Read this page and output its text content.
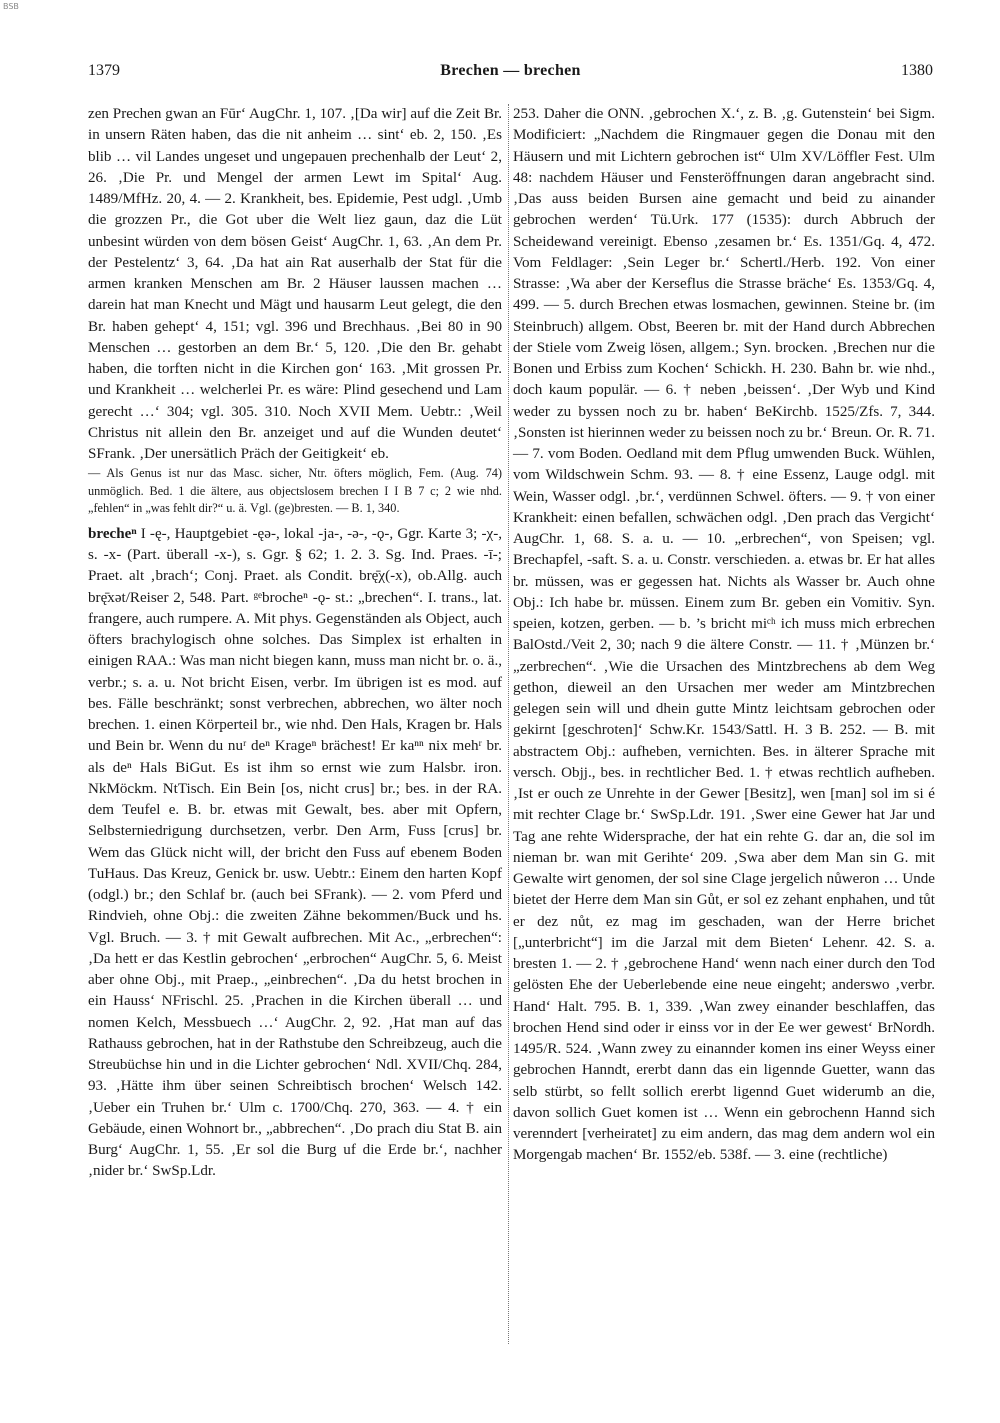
BSB
1379	Brechen — brechen	1380

zen Prechen gwan an Fūr‘ AugChr. 1, 107. ‚[Da wir] auf die Zeit Br. in unsern Räten haben, das die nit anheim … sint‘ eb. 2, 150. ‚Es blib … vil Landes ungeset und ungepauen prechenhalb der Leut‘ 2, 26. ‚Die Pr. und Mengel der armen Lewt im Spital‘ Aug. 1489/MfHz. 20, 4. — 2. Krankheit, bes. Epidemie, Pest udgl. ‚Umb die grozzen Pr., die Got uber die Welt liez gaun, daz die Lüt unbesint würden von dem bösen Geist‘ AugChr. 1, 63. ‚An dem Pr. der Pestelentz‘ 3, 64. ‚Da hat ain Rat auserhalb der Stat für die armen kranken Menschen am Br. 2 Häuser laussen machen … darein hat man Knecht und Mägt und hausarm Leut gelegt, die den Br. haben gehept‘ 4, 151; vgl. 396 und Brechhaus. ‚Bei 80 in 90 Menschen … gestorben an dem Br.‘ 5, 120. ‚Die den Br. gehabt haben, die torften nicht in die Kirchen gon‘ 163. ‚Mit grossen Pr. und Krankheit … welcherlei Pr. es wäre: Plind gesechend und Lam gerecht …‘ 304; vgl. 305. 310. Noch XVII Mem. Uebtr.: ‚Weil Christus nit allein den Br. anzeiget und auf die Wunden deutet‘ SFrank. ‚Der unersätlich Präch der Geitigkeit‘ eb.

— Als Genus ist nur das Masc. sicher, Ntr. öfters möglich, Fem. (Aug. 74) unmöglich. Bed. 1 die ältere, aus objectslosem brechen I I B 7 c; 2 wie nhd. „fehlen“ in „was fehlt dir?“ u. ä. Vgl. (ge)bresten. — B. 1, 340.

brecheⁿ I -ę-, Hauptgebiet -ęə-, lokal -ja-, -ə-, -ǫ-, Ggr. Karte 3; -χ-, s. -x- (Part. überall -x-), s. Ggr. § 62; 1. 2. 3. Sg. Ind. Praes. -ī-; Praet. alt ‚brach‘; Conj. Praet. als Condit. brę̄χ(-x), ob.Allg. auch brę̄xət/Reiser 2, 548. Part. ᵍᵉbrocheⁿ -ǫ- st.: „brechen“. I. trans., lat. frangere, auch rumpere. A. Mit phys. Gegenständen als Object, auch öfters brachylogisch ohne solches. Das Simplex ist erhalten in einigen RAA.: Was man nicht biegen kann, muss man nicht br. o. ä., verbr.; s. a. u. Not bricht Eisen, verbr. Im übrigen ist es mod. auf bes. Fälle beschränkt; sonst verbrechen, abbrechen, wo älter noch brechen. 1. einen Körperteil br., wie nhd. Den Hals, Kragen br. Hals und Bein br. Wenn du nuʳ deⁿ Krageⁿ brächest! Er kaⁿⁿ nix mehʳ br. als deⁿ Hals BiGut. Es ist ihm so ernst wie zum Halsbr. iron. NkMöckm. NtTisch. Ein Bein [os, nicht crus] br.; bes. in der RA. dem Teufel e. B. br. etwas mit Gewalt, bes. aber mit Opfern, Selbsterniedrigung durchsetzen, verbr. Den Arm, Fuss [crus] br. Wem das Glück nicht will, der bricht den Fuss auf ebenem Boden TuHaus. Das Kreuz, Genick br. usw. Uebtr.: Einem den harten Kopf (odgl.) br.; den Schlaf br. (auch bei SFrank). — 2. vom Pferd und Rindvieh, ohne Obj.: die zweiten Zähne bekommen/Buck und hs. Vgl. Bruch. — 3. † mit Gewalt aufbrechen. Mit Ac., „erbrechen“: ‚Da hett er das Kestlin gebrochen‘ „erbrochen“ AugChr. 5, 6. Meist aber ohne Obj., mit Praep., „einbrechen“. ‚Da du hetst brochen in ein Hauss‘ NFrischl. 25. ‚Prachen in die Kirchen überall … und nomen Kelch, Messbuech …‘ AugChr. 2, 92. ‚Hat man auf das Rathauss gebrochen, hat in der Rathstube den Schreibzeug, auch die Streubüchse hin und in die Lichter gebrochen‘ Ndl. XVII/Chq. 284, 93. ‚Hätte ihm über seinen Schreibtisch brochen‘ Welsch 142. ‚Ueber ein Truhen br.‘ Ulm c. 1700/Chq. 270, 363. — 4. † ein Gebäude, einen Wohnort br., „abbrechen“. ‚Do prach diu Stat B. ain Burg‘ AugChr. 1, 55. ‚Er sol die Burg uf die Erde br.‘, nachher ‚nider br.‘ SwSp.Ldr.

253. Daher die ONN. ‚gebrochen X.‘, z. B. ‚g. Gutenstein‘ bei Sigm. Modificiert: „Nachdem die Ringmauer gegen die Donau mit den Häusern und mit Lichtern gebrochen ist“ Ulm XV/Löffler Fest. Ulm 48: nachdem Häuser und Fensteröffnungen daran angebracht sind. ‚Das auss beiden Bursen aine gemacht und beid zu ainander gebrochen werden‘ Tü.Urk. 177 (1535): durch Abbruch der Scheidewand vereinigt. Ebenso ‚zesamen br.‘ Es. 1351/Gq. 4, 472. Vom Feldlager: ‚Sein Leger br.‘ Schertl./Herb. 192. Von einer Strasse: ‚Wa aber der Kerseflus die Strasse bräche‘ Es. 1353/Gq. 4, 499. — 5. durch Brechen etwas losmachen, gewinnen. Steine br. (im Steinbruch) allgem. Obst, Beeren br. mit der Hand durch Abbrechen der Stiele vom Zweig lösen, allgem.; Syn. brocken. ‚Brechen nur die Bonen und Erbiss zum Kochen‘ Schickh. H. 230. Bahn br. wie nhd., doch kaum populär. — 6. † neben ‚beissen‘. ‚Der Wyb und Kind weder zu byssen noch zu br. haben‘ BeKirchb. 1525/Zfs. 7, 344. ‚Sonsten ist hierinnen weder zu beissen noch zu br.‘ Breun. Or. R. 71. — 7. vom Boden. Oedland mit dem Pflug umwenden Buck. Wühlen, vom Wildschwein Schm. 93. — 8. † eine Essenz, Lauge odgl. mit Wein, Wasser odgl. ‚br.‘, verdünnen Schwel. öfters. — 9. † von einer Krankheit: einen befallen, schwächen odgl. ‚Den prach das Vergicht‘ AugChr. 1, 68. S. a. u. — 10. „erbrechen“, von Speisen; vgl. Brechapfel, -saft. S. a. u. Constr. verschieden. a. etwas br. Er hat alles br. müssen, was er gegessen hat. Nichts als Wasser br. Auch ohne Obj.: Ich habe br. müssen. Einem zum Br. geben ein Vomitiv. Syn. speien, kotzen, gerben. — b. ’s bricht miᶜʰ ich muss mich erbrechen BalOstd./Veit 2, 30; nach 9 die ältere Constr. — 11. † ‚Münzen br.‘ „zerbrechen“. ‚Wie die Ursachen des Mintzbrechens ab dem Weg gethon, dieweil an den Ursachen mer weder am Mintzbrechen gelegen sein will und dhein gutte Mintz leichtsam gebrochen oder gekirnt [geschroten]‘ Schw.Kr. 1543/Sattl. H. 3 B. 252. — B. mit abstractem Obj.: aufheben, vernichten. Bes. in älterer Sprache mit versch. Objj., bes. in rechtlicher Bed. 1. † etwas rechtlich aufheben. ‚Ist er ouch ze Unrehte in der Gewer [Besitz], wen [man] sol im si é mit rechter Clage br.‘ SwSp.Ldr. 191. ‚Swer eine Gewer hat Jar und Tag ane rehte Widersprache, der hat ein rehte G. dar an, die sol im nieman br. wan mit Gerihte‘ 209. ‚Swa aber dem Man sin G. mit Gewalte wirt genomen, der sol sine Clage jergelich nůweron … Unde bietet der Herre dem Man sin Gůt, er sol ez zehant enphahen, und tůt er dez nůt, ez mag im geschaden, wan der Herre brichet [„unterbricht“] im die Jarzal mit dem Bieten‘ Lehenr. 42. S. a. bresten 1. — 2. † ‚gebrochene Hand‘ wenn nach einer durch den Tod gelösten Ehe der Ueberlebende eine neue eingeht; anderswo ‚verbr. Hand‘ Halt. 795. B. 1, 339. ‚Wan zwey einander beschlaffen, das brochen Hend sind oder ir einss vor in der Ee wer gewest‘ BrNordh. 1495/R. 524. ‚Wann zwey zu einannder komen ins einer Weyss einer gebrochen Hanndt, ererbt dann das ein ligennde Guetter, wann das selb stürbt, so fellt sollich ererbt ligennd Guet widerumb an die, davon sollich Guet komen ist … Wenn ein gebrochenn Hannd sich verenndert [verheiratet] zu eim andern, das mag dem andern wol ein Morgengab machen‘ Br. 1552/eb. 538f. — 3. eine (rechtliche)
